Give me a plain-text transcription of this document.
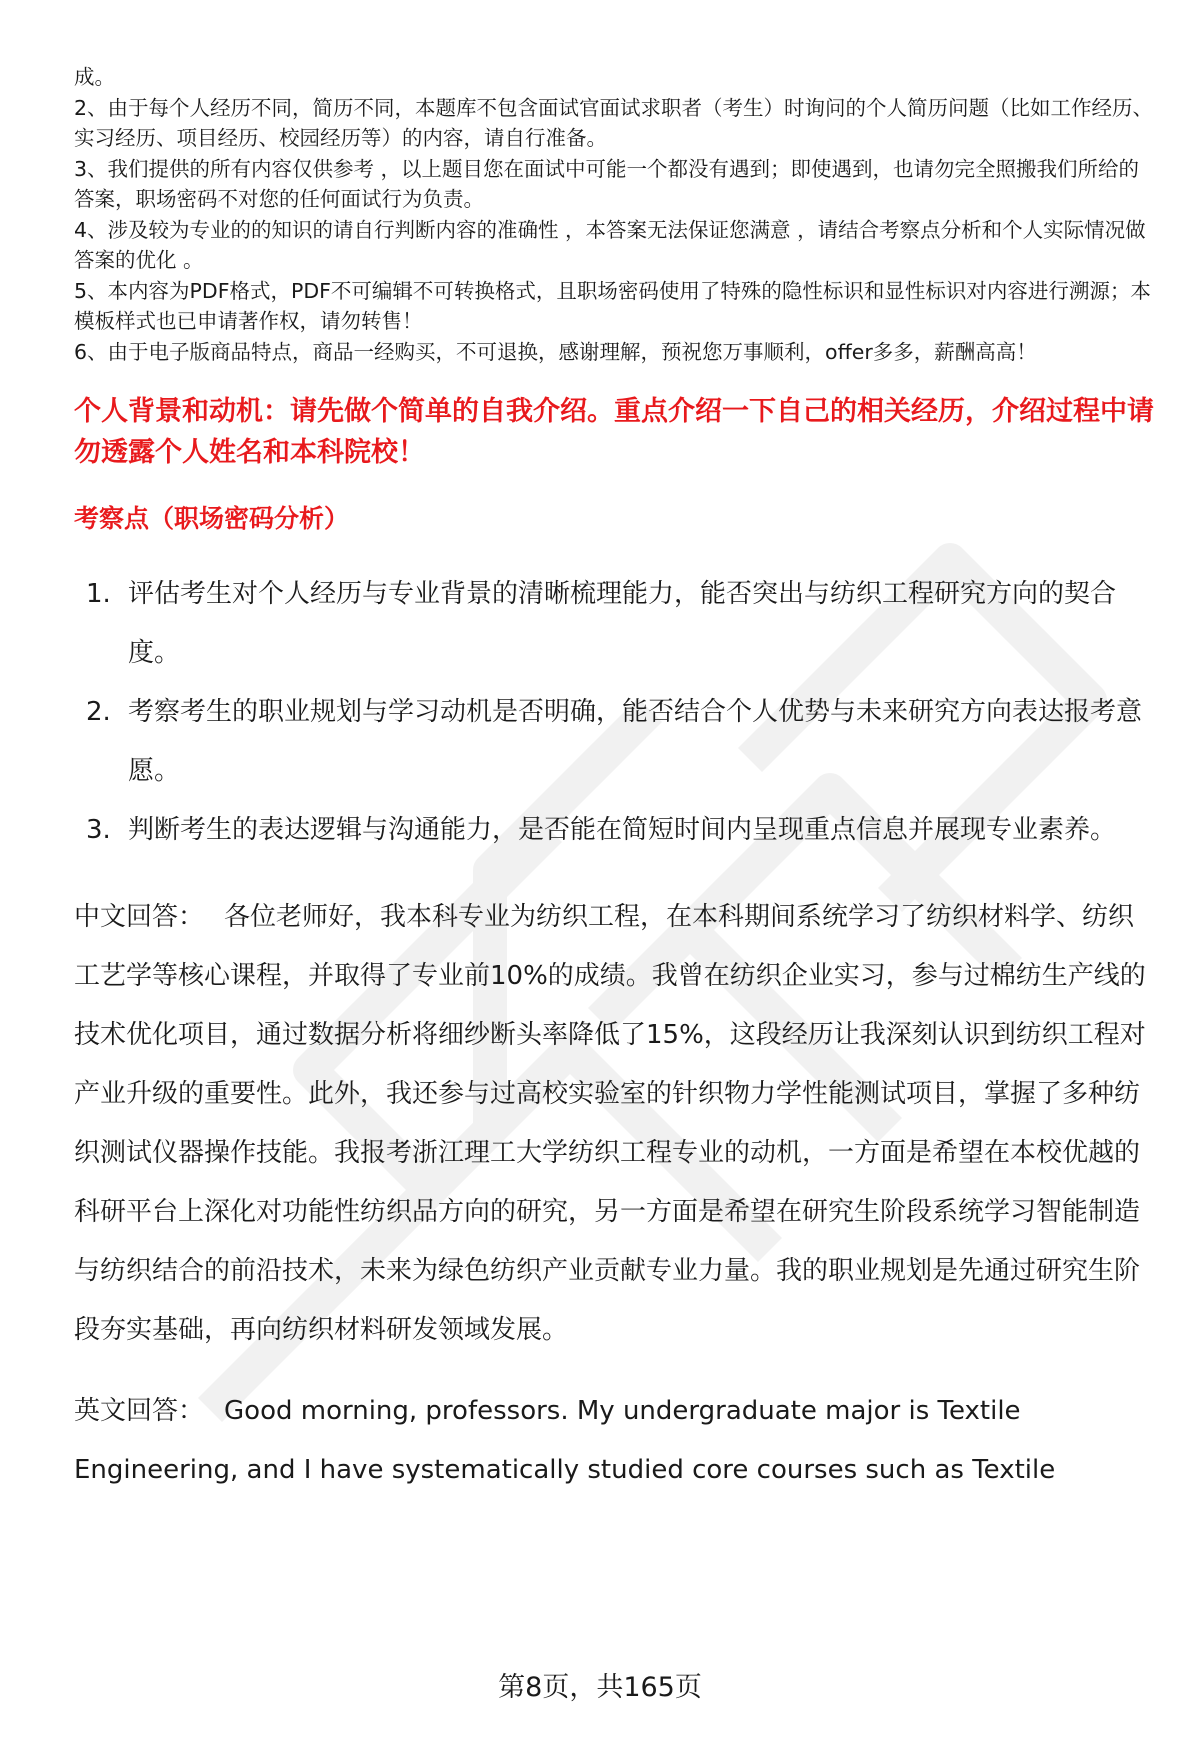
成。

2、由于每个人经历不同，简历不同，本题库不包含面试官面试求职者（考生）时询问的个人简历问题（比如工作经历、实习经历、项目经历、校园经历等）的内容，请自行准备。

3、我们提供的所有内容仅供参考 ，以上题目您在面试中可能一个都没有遇到；即使遇到，也请勿完全照搬我们所给的答案，职场密码不对您的任何面试行为负责。

4、涉及较为专业的的知识的请自行判断内容的准确性 ，本答案无法保证您满意 ，请结合考察点分析和个人实际情况做答案的优化 。

5、本内容为PDF格式，PDF不可编辑不可转换格式，且职场密码使用了特殊的隐性标识和显性标识对内容进行溯源；本模板样式也已申请著作权，请勿转售！

6、由于电子版商品特点，商品一经购买，不可退换，感谢理解，预祝您万事顺利，offer多多，薪酬高高！

个人背景和动机：请先做个简单的自我介绍。重点介绍一下自己的相关经历，介绍过程中请勿透露个人姓名和本科院校！
考察点（职场密码分析）
1. 评估考生对个人经历与专业背景的清晰梳理能力，能否突出与纺织工程研究方向的契合度。
2. 考察考生的职业规划与学习动机是否明确，能否结合个人优势与未来研究方向表达报考意愿。
3. 判断考生的表达逻辑与沟通能力，是否能在简短时间内呈现重点信息并展现专业素养。
中文回答： 各位老师好，我本科专业为纺织工程，在本科期间系统学习了纺织材料学、纺织工艺学等核心课程，并取得了专业前10%的成绩。我曾在纺织企业实习，参与过棉纺生产线的技术优化项目，通过数据分析将细纱断头率降低了15%，这段经历让我深刻认识到纺织工程对产业升级的重要性。此外，我还参与过高校实验室的针织物力学性能测试项目，掌握了多种纺织测试仪器操作技能。我报考浙江理工大学纺织工程专业的动机，一方面是希望在本校优越的科研平台上深化对功能性纺织品方向的研究，另一方面是希望在研究生阶段系统学习智能制造与纺织结合的前沿技术，未来为绿色纺织产业贡献专业力量。我的职业规划是先通过研究生阶段夯实基础，再向纺织材料研发领域发展。
英文回答： Good morning, professors. My undergraduate major is Textile Engineering, and I have systematically studied core courses such as Textile
第8页，共165页
